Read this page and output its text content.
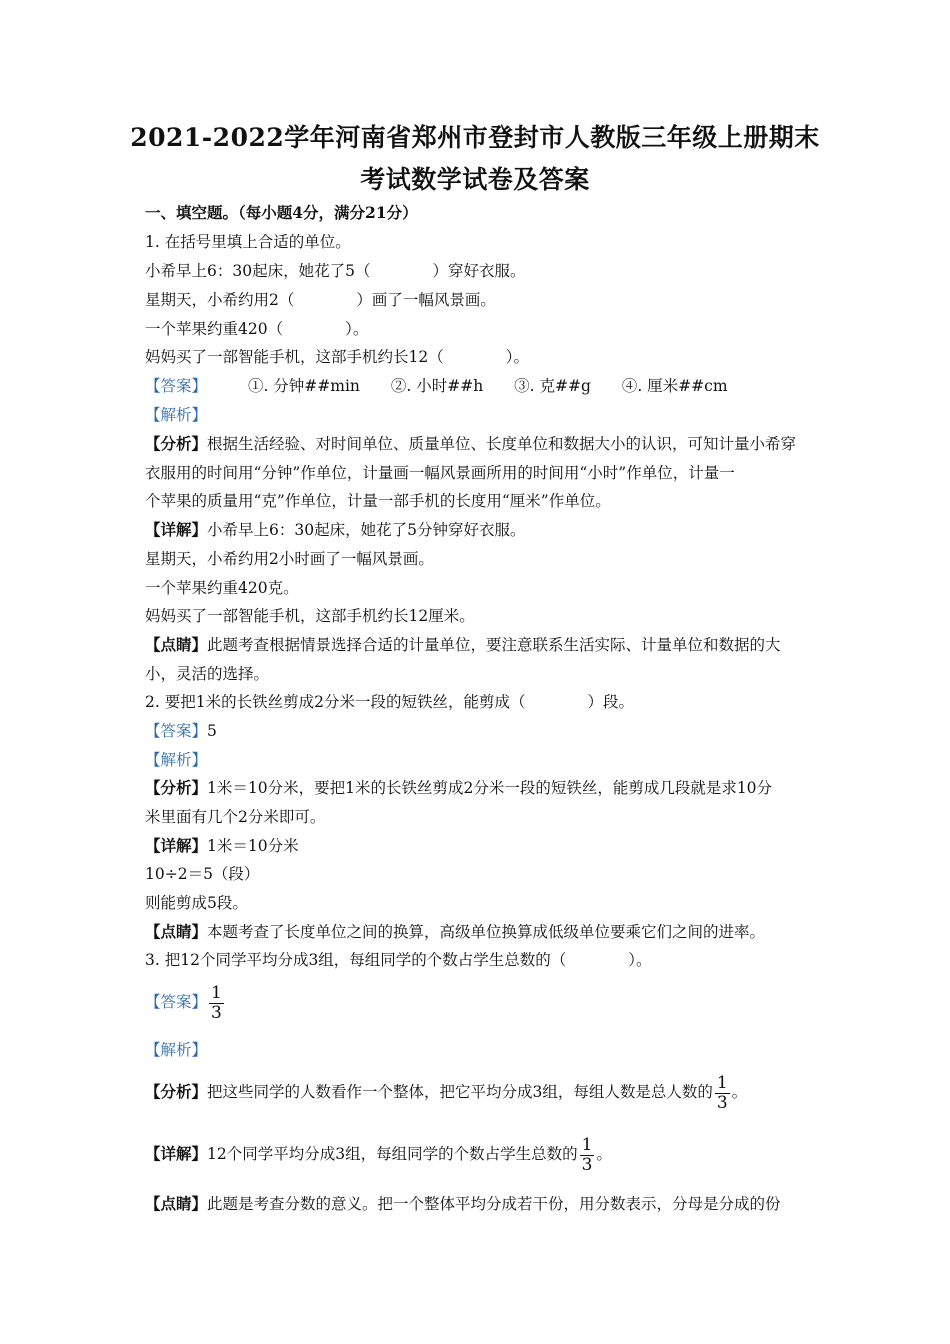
2021-2022学年河南省郑州市登封市人教版三年级上册期末
考试数学试卷及答案
一、填空题。（每小题4分，满分21分）
1. 在括号里填上合适的单位。
小希早上6：30起床，她花了5（　　　　）穿好衣服。
星期天，小希约用2（　　　　）画了一幅风景画。
一个苹果约重420（　　　　）。
妈妈买了一部智能手机，这部手机约长12（　　　　）。
【答案】	①. 分钟##min ②. 小时##h ③. 克##g ④. 厘米##cm
【解析】
【分析】根据生活经验、对时间单位、质量单位、长度单位和数据大小的认识，可知计量小希穿
衣服用的时间用“分钟”作单位，计量画一幅风景画所用的时间用“小时”作单位，计量一
个苹果的质量用“克”作单位，计量一部手机的长度用“厘米”作单位。
【详解】小希早上6：30起床，她花了5分钟穿好衣服。
星期天，小希约用2小时画了一幅风景画。
一个苹果约重420克。
妈妈买了一部智能手机，这部手机约长12厘米。
【点睛】此题考查根据情景选择合适的计量单位，要注意联系生活实际、计量单位和数据的大
小，灵活的选择。
2. 要把1米的长铁丝剪成2分米一段的短铁丝，能剪成（　　　　）段。
【答案】5
【解析】
【分析】1米＝10分米，要把1米的长铁丝剪成2分米一段的短铁丝，能剪成几段就是求10分
米里面有几个2分米即可。
【详解】1米＝10分米
10÷2＝5（段）
则能剪成5段。
【点睛】本题考查了长度单位之间的换算，高级单位换算成低级单位要乘它们之间的进率。
3. 把12个同学平均分成3组，每组同学的个数占学生总数的（　　　　）。
【答案】 $\frac{1}{3}$
【解析】
【分析】把这些同学的人数看作一个整体，把它平均分成3组，每组人数是总人数的 $\frac{1}{3}$ 。
【详解】12个同学平均分成3组，每组同学的个数占学生总数的 $\frac{1}{3}$ 。
【点睛】此题是考查分数的意义。把一个整体平均分成若干份，用分数表示，分母是分成的份
